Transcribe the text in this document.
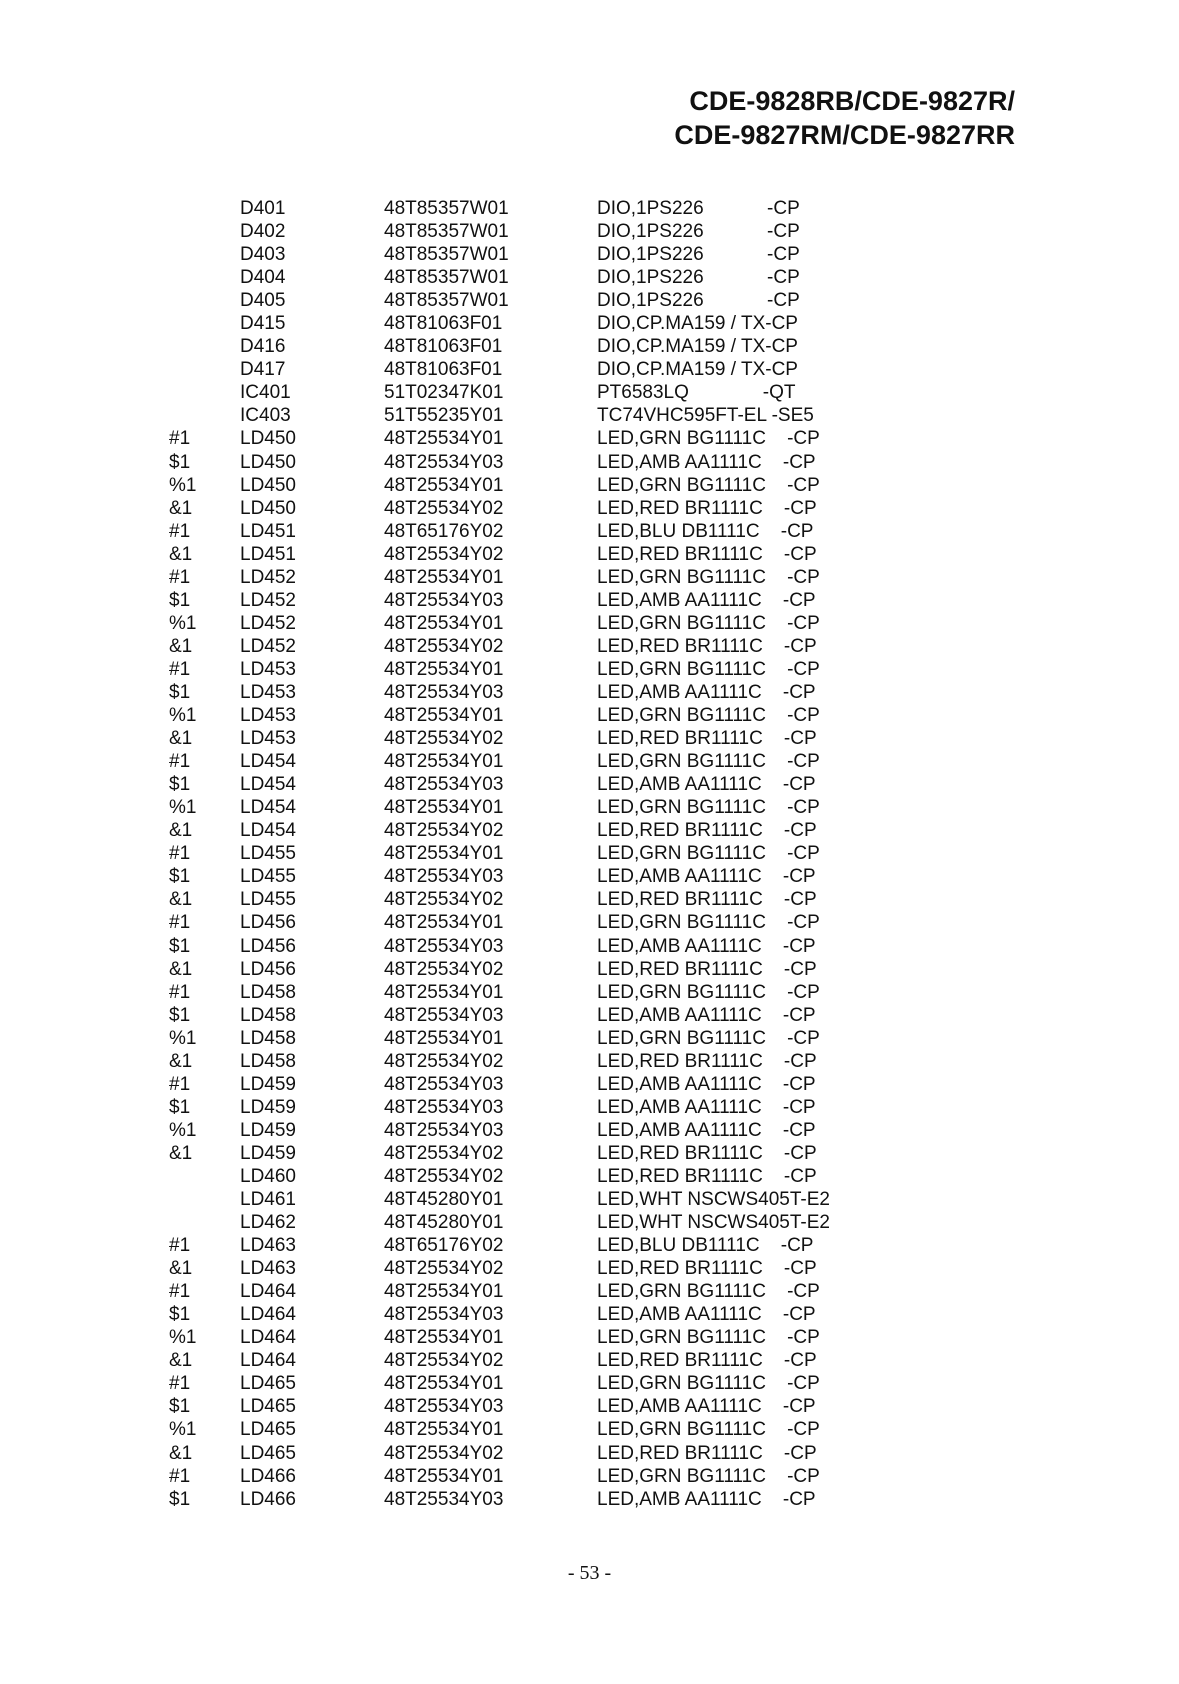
CDE-9828RB/CDE-9827R/
CDE-9827RM/CDE-9827RR
D401	48T85357W01	DIO,1PS226            -CP
D402	48T85357W01	DIO,1PS226            -CP
D403	48T85357W01	DIO,1PS226            -CP
D404	48T85357W01	DIO,1PS226            -CP
D405	48T85357W01	DIO,1PS226            -CP
D415	48T81063F01	DIO,CP.MA159 / TX-CP
D416	48T81063F01	DIO,CP.MA159 / TX-CP
D417	48T81063F01	DIO,CP.MA159 / TX-CP
IC401	51T02347K01	PT6583LQ              -QT
IC403	51T55235Y01	TC74VHC595FT-EL -SE5
#1	LD450	48T25534Y01	LED,GRN BG1111C    -CP
$1	LD450	48T25534Y03	LED,AMB AA1111C    -CP
%1 LD450	48T25534Y01	LED,GRN BG1111C    -CP
&1	LD450	48T25534Y02	LED,RED BR1111C    -CP
#1	LD451	48T65176Y02	LED,BLU DB1111C    -CP
&1	LD451	48T25534Y02	LED,RED BR1111C    -CP
#1	LD452	48T25534Y01	LED,GRN BG1111C    -CP
$1	LD452	48T25534Y03	LED,AMB AA1111C    -CP
%1 LD452	48T25534Y01	LED,GRN BG1111C    -CP
&1	LD452	48T25534Y02	LED,RED BR1111C    -CP
#1	LD453	48T25534Y01	LED,GRN BG1111C    -CP
$1	LD453	48T25534Y03	LED,AMB AA1111C    -CP
%1 LD453	48T25534Y01	LED,GRN BG1111C    -CP
&1	LD453	48T25534Y02	LED,RED BR1111C    -CP
#1	LD454	48T25534Y01	LED,GRN BG1111C    -CP
$1	LD454	48T25534Y03	LED,AMB AA1111C    -CP
%1 LD454	48T25534Y01	LED,GRN BG1111C    -CP
&1	LD454	48T25534Y02	LED,RED BR1111C    -CP
#1	LD455	48T25534Y01	LED,GRN BG1111C    -CP
$1	LD455	48T25534Y03	LED,AMB AA1111C    -CP
&1	LD455	48T25534Y02	LED,RED BR1111C    -CP
#1	LD456	48T25534Y01	LED,GRN BG1111C    -CP
$1	LD456	48T25534Y03	LED,AMB AA1111C    -CP
&1	LD456	48T25534Y02	LED,RED BR1111C    -CP
#1	LD458	48T25534Y01	LED,GRN BG1111C    -CP
$1	LD458	48T25534Y03	LED,AMB AA1111C    -CP
%1 LD458	48T25534Y01	LED,GRN BG1111C    -CP
&1	LD458	48T25534Y02	LED,RED BR1111C    -CP
#1	LD459	48T25534Y03	LED,AMB AA1111C    -CP
$1	LD459	48T25534Y03	LED,AMB AA1111C    -CP
%1 LD459	48T25534Y03	LED,AMB AA1111C    -CP
&1	LD459	48T25534Y02	LED,RED BR1111C    -CP
LD460	48T25534Y02	LED,RED BR1111C    -CP
LD461	48T45280Y01	LED,WHT NSCWS405T-E2
LD462	48T45280Y01	LED,WHT NSCWS405T-E2
#1	LD463	48T65176Y02	LED,BLU DB1111C    -CP
&1	LD463	48T25534Y02	LED,RED BR1111C    -CP
#1	LD464	48T25534Y01	LED,GRN BG1111C    -CP
$1	LD464	48T25534Y03	LED,AMB AA1111C    -CP
%1 LD464	48T25534Y01	LED,GRN BG1111C    -CP
&1	LD464	48T25534Y02	LED,RED BR1111C    -CP
#1	LD465	48T25534Y01	LED,GRN BG1111C    -CP
$1	LD465	48T25534Y03	LED,AMB AA1111C    -CP
%1 LD465	48T25534Y01	LED,GRN BG1111C    -CP
&1	LD465	48T25534Y02	LED,RED BR1111C    -CP
#1	LD466	48T25534Y01	LED,GRN BG1111C    -CP
$1	LD466	48T25534Y03	LED,AMB AA1111C    -CP
- 53 -
